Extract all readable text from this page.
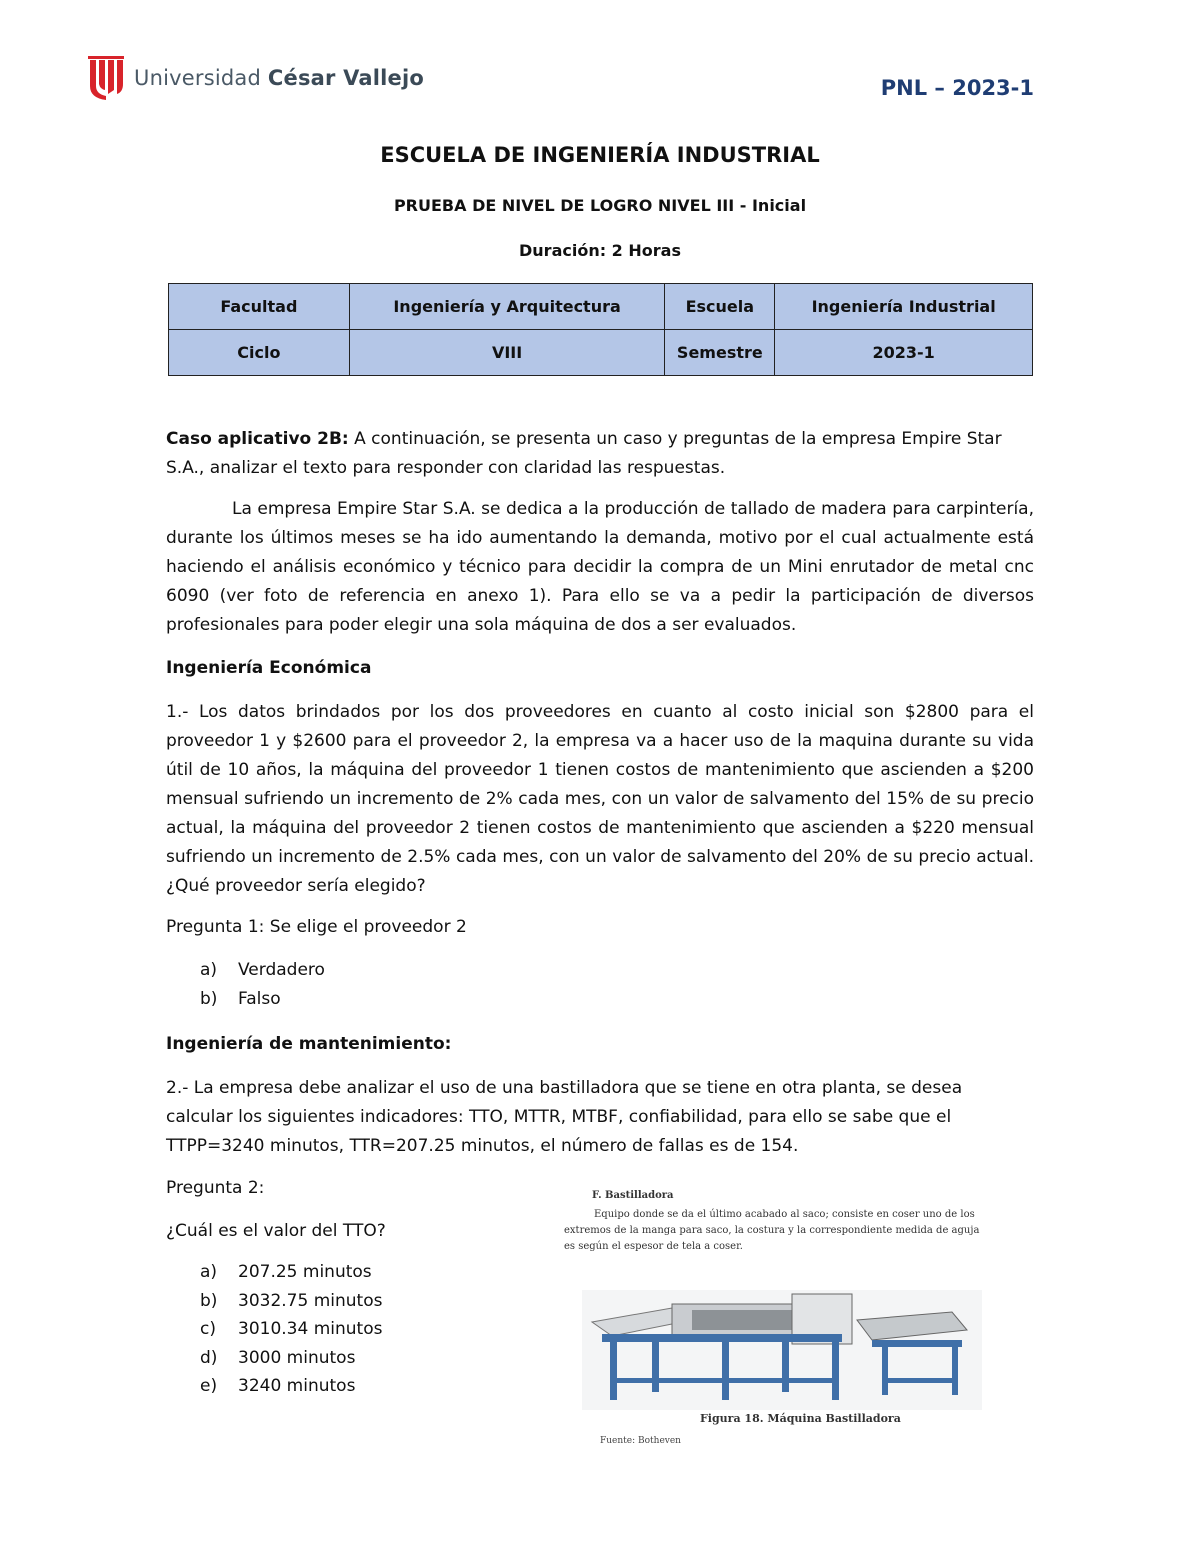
Universidad César Vallejo	PNL – 2023-1
ESCUELA DE INGENIERÍA INDUSTRIAL
PRUEBA DE NIVEL DE LOGRO NIVEL III - Inicial
Duración: 2 Horas
Facultad	Ingeniería y Arquitectura	Escuela	Ingeniería Industrial
Ciclo	VIII	Semestre	2023-1
Caso aplicativo 2B: A continuación, se presenta un caso y preguntas de la empresa Empire Star S.A., analizar el texto para responder con claridad las respuestas.
La empresa Empire Star S.A. se dedica a la producción de tallado de madera para carpintería, durante los últimos meses se ha ido aumentando la demanda, motivo por el cual actualmente está haciendo el análisis económico y técnico para decidir la compra de un Mini enrutador de metal cnc 6090 (ver foto de referencia en anexo 1). Para ello se va a pedir la participación de diversos profesionales para poder elegir una sola máquina de dos a ser evaluados.
Ingeniería Económica
1.- Los datos brindados por los dos proveedores en cuanto al costo inicial son $2800 para el proveedor 1 y $2600 para el proveedor 2, la empresa va a hacer uso de la maquina durante su vida útil de 10 años, la máquina del proveedor 1 tienen costos de mantenimiento que ascienden a $200 mensual sufriendo un incremento de 2% cada mes, con un valor de salvamento del 15% de su precio actual, la máquina del proveedor 2 tienen costos de mantenimiento que ascienden a $220 mensual sufriendo un incremento de 2.5% cada mes, con un valor de salvamento del 20% de su precio actual. ¿Qué proveedor sería elegido?
Pregunta 1: Se elige el proveedor 2
a) Verdadero
b) Falso
Ingeniería de mantenimiento:
2.- La empresa debe analizar el uso de una bastilladora que se tiene en otra planta, se desea calcular los siguientes indicadores: TTO, MTTR, MTBF, confiabilidad, para ello se sabe que el TTPP=3240 minutos, TTR=207.25 minutos, el número de fallas es de 154.
Pregunta 2:
¿Cuál es el valor del TTO?
a) 207.25 minutos
b) 3032.75 minutos
c) 3010.34 minutos
d) 3000 minutos
e) 3240 minutos
F. Bastilladora

Equipo donde se da el último acabado al saco; consiste en coser uno de los extremos de la manga para saco, la costura y la correspondiente medida de aguja es según el espesor de tela a coser.

Figura 18. Máquina Bastilladora
Fuente: Botheven
